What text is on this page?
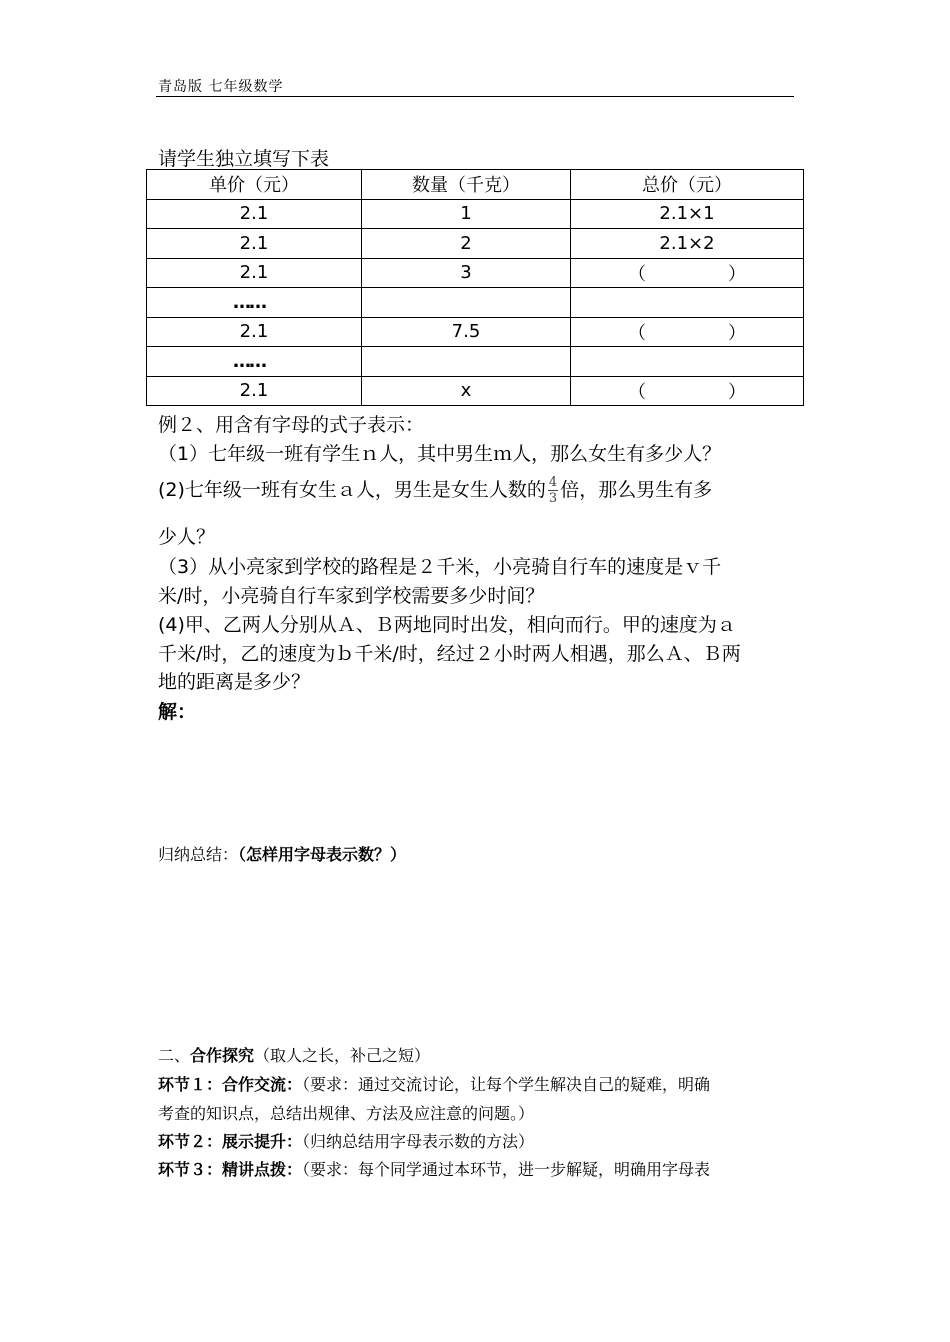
青岛版 七年级数学
请学生独立填写下表
单价（元）	数量（千克）	总价（元）
2.1	1	2.1×1
2.1	2	2.1×2
2.1	3	（ ）

……		
2.1	7.5	（ ）

……		
2.1	x	（ ）
例２、用含有字母的式子表示：
（1）七年级一班有学生ｎ人，其中男生ｍ人，那么女生有多少人？
(2)七年级一班有女生ａ人，男生是女生人数的 $\frac{4}{3}$ 倍，那么男生有多
少人？
（3）从小亮家到学校的路程是２千米，小亮骑自行车的速度是ｖ千
米/时，小亮骑自行车家到学校需要多少时间？
(4)甲、乙两人分别从Ａ、Ｂ两地同时出发，相向而行。甲的速度为ａ
千米/时，乙的速度为ｂ千米/时，经过２小时两人相遇，那么Ａ、Ｂ两
地的距离是多少？
解：
归纳总结：（怎样用字母表示数？）
二、合作探究（取人之长，补己之短）
环节１：合作交流：（要求：通过交流讨论，让每个学生解决自己的疑难，明确
考查的知识点，总结出规律、方法及应注意的问题。）
环节２：展示提升：（归纳总结用字母表示数的方法）
环节３：精讲点拨：（要求：每个同学通过本环节，进一步解疑，明确用字母表
